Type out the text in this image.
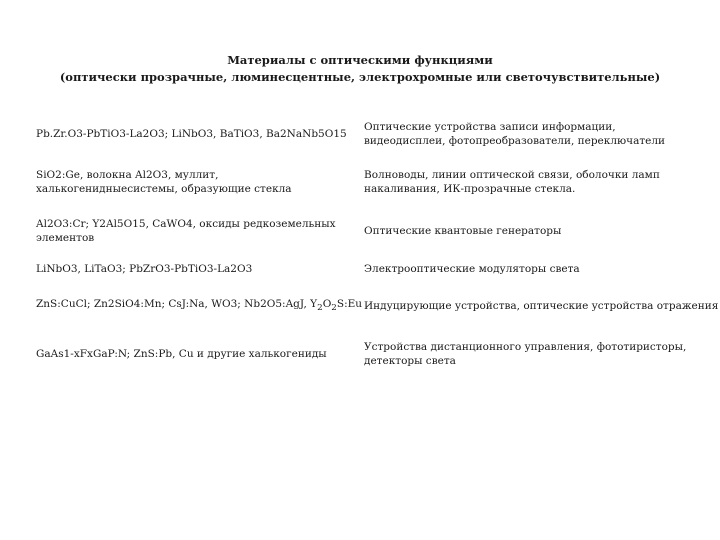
Материалы с оптическими функциями
(оптически прозрачные, люминесцентные, электрохромные или светочувствительные)
Pb.Zr.O3-PbTiO3-La2O3; LiNbO3, BaTiO3, Ba2NaNb5O15	Оптические устройства записи информации, видеодисплеи, фотопреобразователи, переключатели
SiO2:Ge, волокна Al2O3, муллит, халькогенидныесистемы, образующие стекла	Волноводы, линии оптической связи, оболочки ламп накаливания, ИК-прозрачные стекла.
Al2O3:Cr; Y2Al5O15, CaWO4, оксиды редкоземельных элементов	Оптические квантовые генераторы
LiNbO3, LiTaO3; PbZrO3-PbTiO3-La2O3	Электрооптические модуляторы света
ZnS:CuCl; Zn2SiO4:Mn; CsJ:Na, WO3; Nb2O5:AgJ, $Y_2O_2S:Eu$	Индуцирующие устройства, оптические устройства отражения
GaAs1-xFxGaP:N; ZnS:Pb, Cu и другие халькогениды	Устройства дистанционного управления, фототиристоры, детекторы света
